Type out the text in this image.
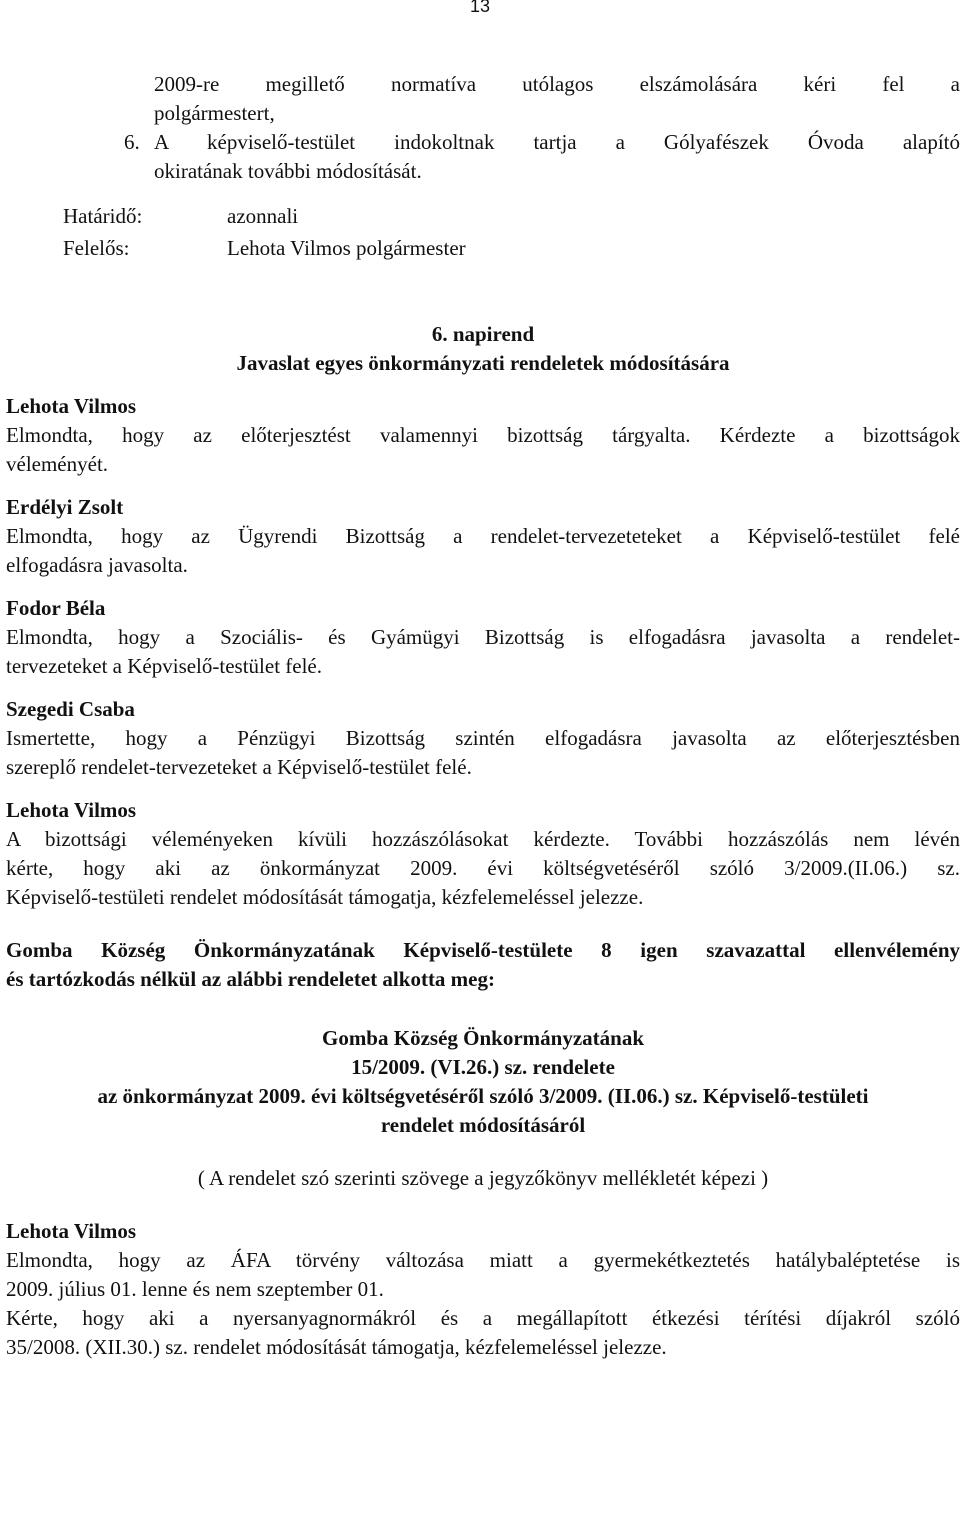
13
2009-re megillető normatíva utólagos elszámolására kéri fel a
polgármestert,
6. A képviselő-testület indokoltnak tartja a Gólyafészek Óvoda alapító
okiratának további módosítását.
Határidő:	azonnali
Felelős:	Lehota Vilmos polgármester
6. napirend
Javaslat egyes önkormányzati rendeletek módosítására
Lehota Vilmos
Elmondta, hogy az előterjesztést valamennyi bizottság tárgyalta. Kérdezte a bizottságok
véleményét.
Erdélyi Zsolt
Elmondta, hogy az Ügyrendi Bizottság a rendelet-tervezeteteket a Képviselő-testület felé
elfogadásra javasolta.
Fodor Béla
Elmondta, hogy a Szociális- és Gyámügyi Bizottság is elfogadásra javasolta a rendelet-
tervezeteket a Képviselő-testület felé.
Szegedi Csaba
Ismertette, hogy a Pénzügyi Bizottság szintén elfogadásra javasolta az előterjesztésben
szereplő rendelet-tervezeteket a Képviselő-testület felé.
Lehota Vilmos
A bizottsági véleményeken kívüli hozzászólásokat kérdezte. További hozzászólás nem lévén
kérte, hogy aki az önkormányzat 2009. évi költségvetéséről szóló 3/2009.(II.06.) sz.
Képviselő-testületi rendelet módosítását támogatja, kézfelemeléssel jelezze.
Gomba Község Önkormányzatának Képviselő-testülete 8 igen szavazattal ellenvélemény
és tartózkodás nélkül az alábbi rendeletet alkotta meg:
Gomba Község Önkormányzatának
15/2009. (VI.26.) sz. rendelete
az önkormányzat 2009. évi költségvetéséről szóló 3/2009. (II.06.) sz. Képviselő-testületi
rendelet módosításáról
( A rendelet szó szerinti szövege a jegyzőkönyv mellékletét képezi )
Lehota Vilmos
Elmondta, hogy az ÁFA törvény változása miatt a gyermekétkeztetés hatálybaléptetése is
2009. július 01. lenne és nem szeptember 01.
Kérte, hogy aki a nyersanyagnormákról és a megállapított étkezési térítési díjakról szóló
35/2008. (XII.30.) sz. rendelet módosítását támogatja, kézfelemeléssel jelezze.
